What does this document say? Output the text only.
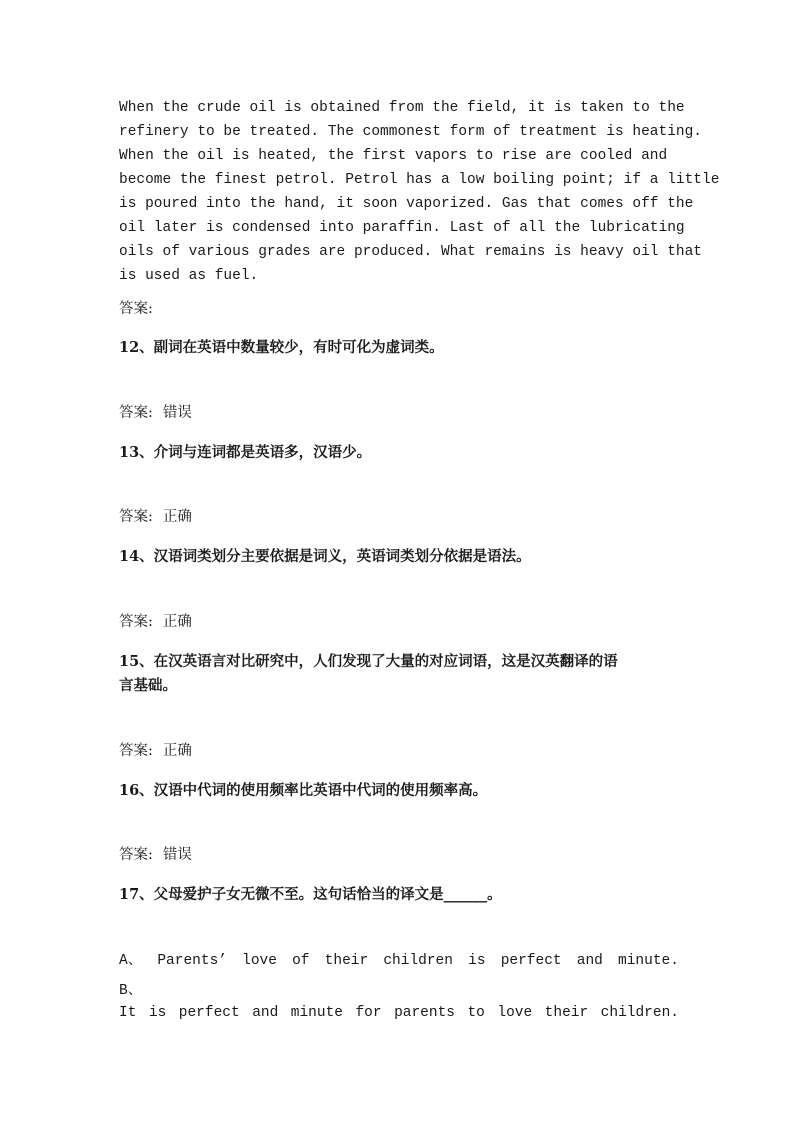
When the crude oil is obtained from the field, it is taken to the

refinery to be treated. The commonest form of treatment is heating.

When the oil is heated, the first vapors to rise are cooled and

become the finest petrol. Petrol has a low boiling point; if a little

is poured into the hand, it soon vaporized. Gas that comes off the

oil later is condensed into paraffin. Last of all the lubricating

oils of various grades are produced. What remains is heavy oil that

is used as fuel.

答案:
12、副词在英语中数量较少，有时可化为虚词类。
答案: 错误
13、介词与连词都是英语多，汉语少。
答案: 正确
14、汉语词类划分主要依据是词义，英语词类划分依据是语法。
答案: 正确
15、在汉英语言对比研究中，人们发现了大量的对应词语，这是汉英翻译的语
言基础。
答案: 正确
16、汉语中代词的使用频率比英语中代词的使用频率高。
答案: 错误
17、父母爱护子女无微不至。这句话恰当的译文是______。
A、 Parents’ love of their children is perfect and minute.
B、
It is perfect and minute for parents to love their children.
